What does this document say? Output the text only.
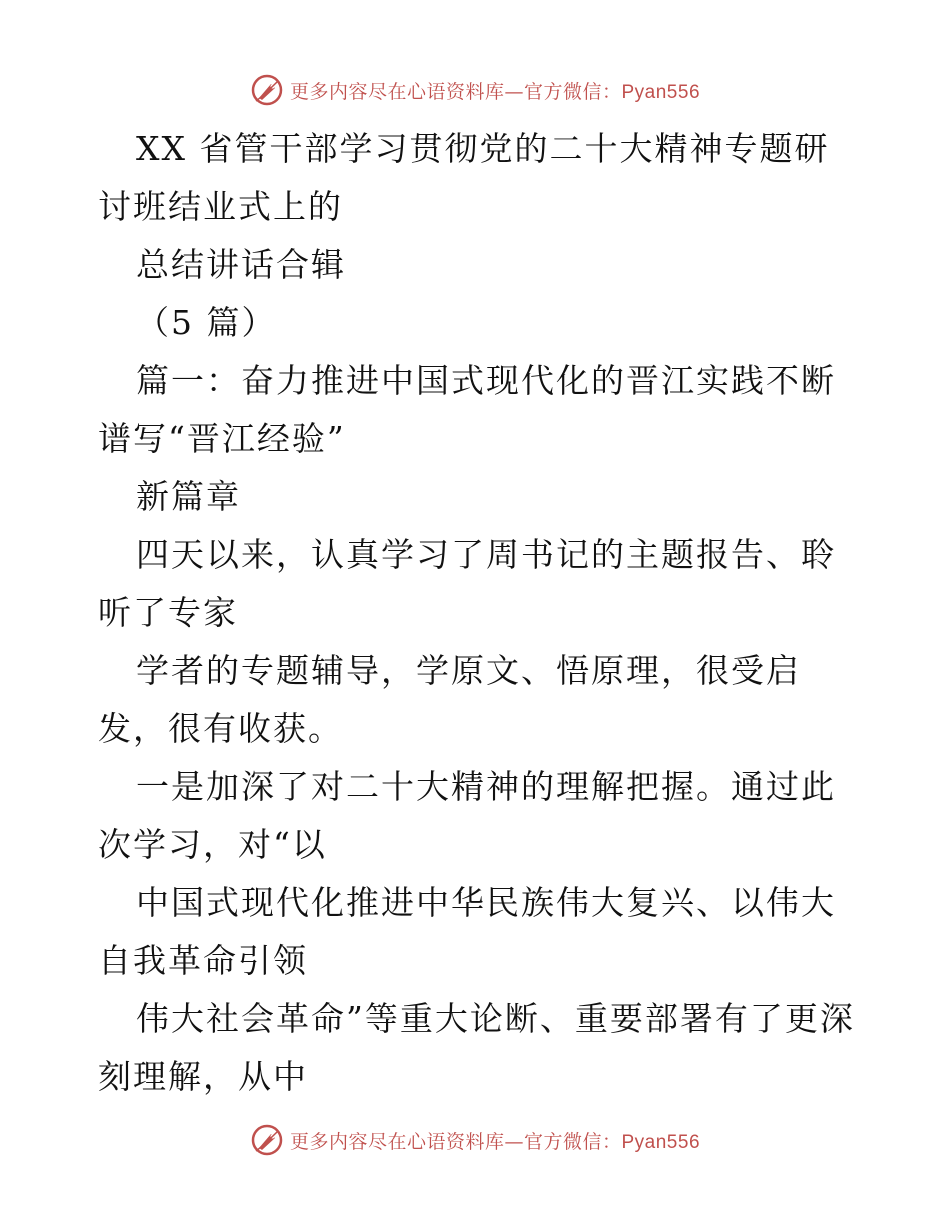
更多内容尽在心语资料库—官方微信：Pyan556

XX 省管干部学习贯彻党的二十大精神专题研讨班结业式上的

总结讲话合辑

（5 篇）

篇一：奋力推进中国式现代化的晋江实践不断谱写“晋江经验”

新篇章

四天以来，认真学习了周书记的主题报告、聆听了专家

学者的专题辅导，学原文、悟原理，很受启发，很有收获。

一是加深了对二十大精神的理解把握。通过此次学习，对“以

中国式现代化推进中华民族伟大复兴、以伟大自我革命引领

伟大社会革命”等重大论断、重要部署有了更深刻理解，从中

更多内容尽在心语资料库—官方微信：Pyan556
